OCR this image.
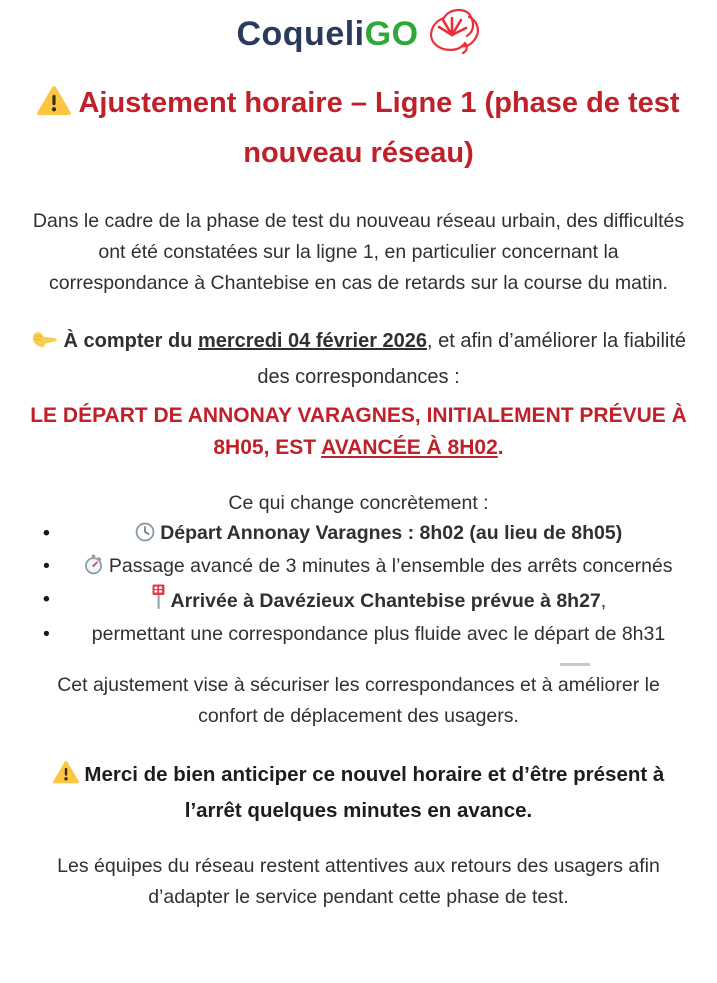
CoqueliGO
Ajustement horaire – Ligne 1 (phase de test nouveau réseau)

Dans le cadre de la phase de test du nouveau réseau urbain, des difficultés ont été constatées sur la ligne 1, en particulier concernant la correspondance à Chantebise en cas de retards sur la course du matin.

À compter du mercredi 04 février 2026, et afin d’améliorer la fiabilité des correspondances :

LE DÉPART DE ANNONAY VARAGNES, INITIALEMENT PRÉVUE À 8H05, EST AVANCÉE À 8H02.

Ce qui change concrètement :

• Départ Annonay Varagnes : 8h02 (au lieu de 8h05)
• Passage avancé de 3 minutes à l’ensemble des arrêts concernés
• Arrivée à Davézieux Chantebise prévue à 8h27,
• permettant une correspondance plus fluide avec le départ de 8h31

Cet ajustement vise à sécuriser les correspondances et à améliorer le confort de déplacement des usagers.

Merci de bien anticiper ce nouvel horaire et d’être présent à l’arrêt quelques minutes en avance.

Les équipes du réseau restent attentives aux retours des usagers afin d’adapter le service pendant cette phase de test.
